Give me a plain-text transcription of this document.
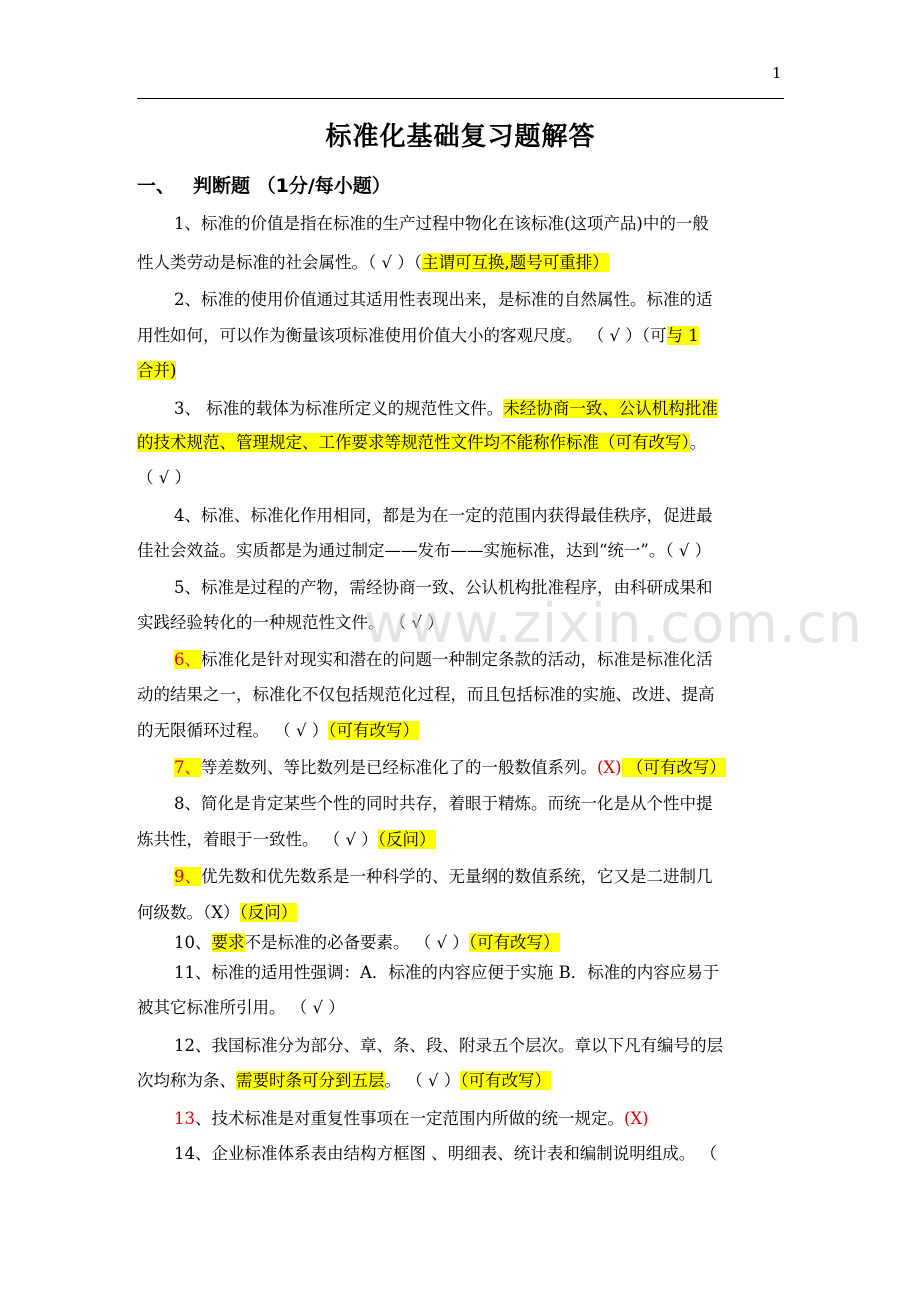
1
标准化基础复习题解答
一、 判断题 （1分/每小题）
1、标准的价值是指在标准的生产过程中物化在该标准(这项产品)中的一般
性人类劳动是标准的社会属性。（ √ ）（主谓可互换,题号可重排）
2、标准的使用价值通过其适用性表现出来，是标准的自然属性。标准的适
用性如何，可以作为衡量该项标准使用价值大小的客观尺度。 （ √ ）（可与 1
合并)
3、 标准的载体为标准所定义的规范性文件。未经协商一致、公认机构批准
的技术规范、管理规定、工作要求等规范性文件均不能称作标准（可有改写）。
（ √ ）
4、标准、标准化作用相同，都是为在一定的范围内获得最佳秩序，促进最
佳社会效益。实质都是为通过制定——发布——实施标准，达到“统一”。（ √ ）
5、标准是过程的产物，需经协商一致、公认机构批准程序，由科研成果和
实践经验转化的一种规范性文件。 （ √ ）
6、标准化是针对现实和潜在的问题一种制定条款的活动，标准是标准化活
动的结果之一，标准化不仅包括规范化过程，而且包括标准的实施、改进、提高
的无限循环过程。 （ √ ）（可有改写）
7、等差数列、等比数列是已经标准化了的一般数值系列。(X) （可有改写）
8、简化是肯定某些个性的同时共存，着眼于精炼。而统一化是从个性中提
炼共性，着眼于一致性。 （ √ ）（反问）
9、优先数和优先数系是一种科学的、无量纲的数值系统，它又是二进制几
何级数。（X）（反问）
10、要求不是标准的必备要素。 （ √ ）（可有改写）
11、标准的适用性强调：A．标准的内容应便于实施 B．标准的内容应易于
被其它标准所引用。 （ √ ）
12、我国标准分为部分、章、条、段、附录五个层次。章以下凡有编号的层
次均称为条、需要时条可分到五层。 （ √ ）（可有改写）
13、技术标准是对重复性事项在一定范围内所做的统一规定。(X)
14、企业标准体系表由结构方框图 、明细表、统计表和编制说明组成。 （
www.zixin.com.cn
